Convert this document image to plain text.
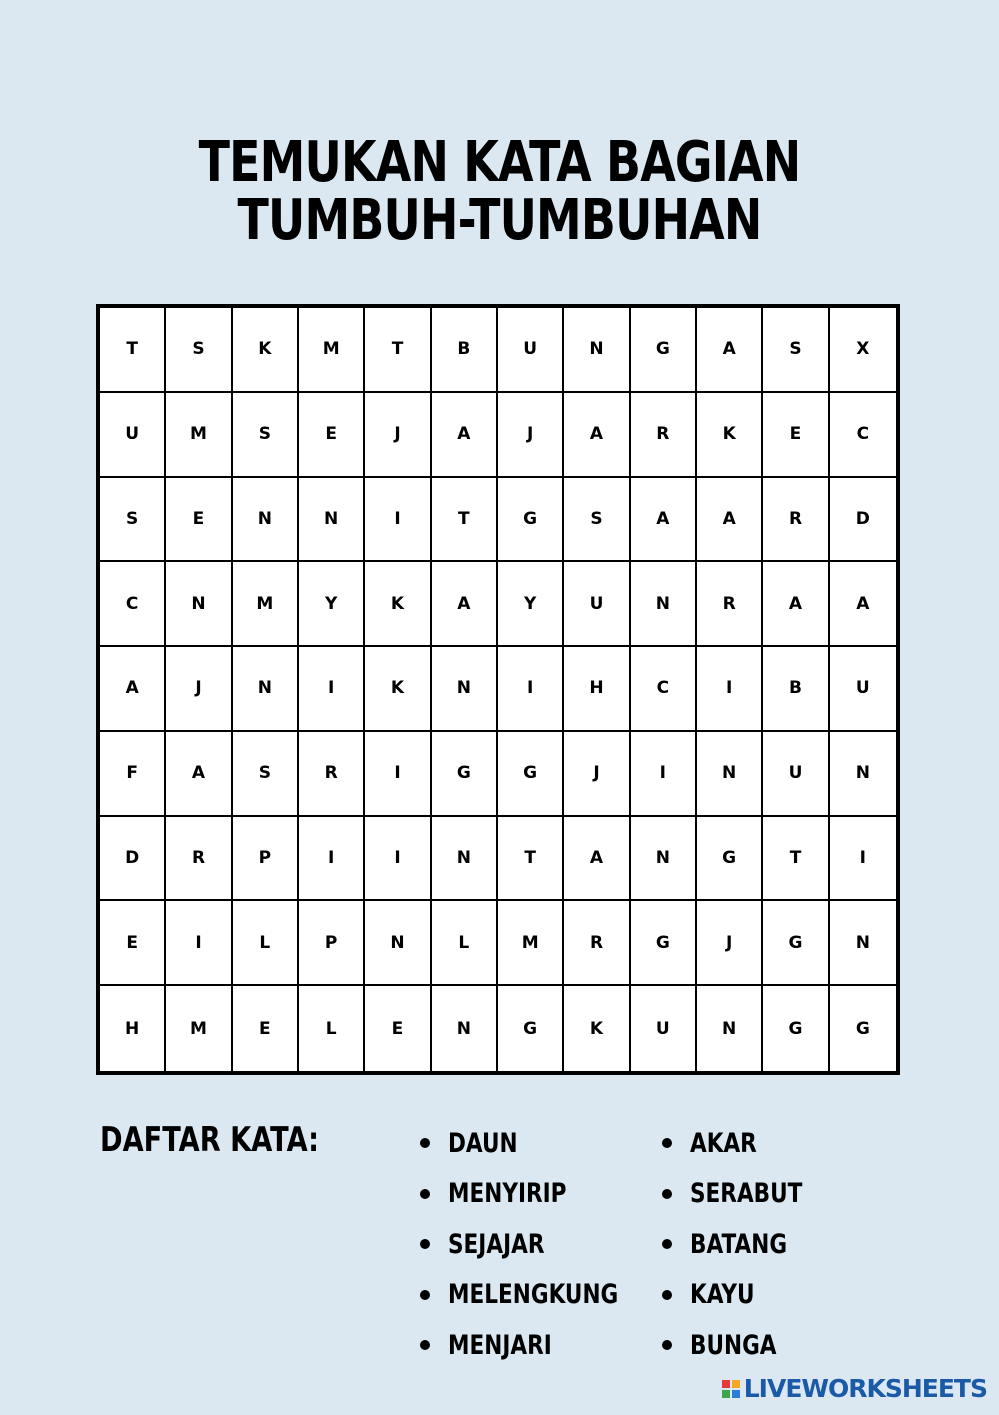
TEMUKAN KATA BAGIAN
TUMBUH-TUMBUHAN
T	S	K	M	T	B	U	N	G	A	S	X
U	M	S	E	J	A	J	A	R	K	E	C
S	E	N	N	I	T	G	S	A	A	R	D
C	N	M	Y	K	A	Y	U	N	R	A	A
A	J	N	I	K	N	I	H	C	I	B	U
F	A	S	R	I	G	G	J	I	N	U	N
D	R	P	I	I	N	T	A	N	G	T	I
E	I	L	P	N	L	M	R	G	J	G	N
H	M	E	L	E	N	G	K	U	N	G	G
DAFTAR KATA:	DAUN
MENYIRIP
SEJAJAR
MELENGKUNG
MENJARI
AKAR
SERABUT
BATANG
KAYU
BUNGA
LIVEWORKSHEETS
